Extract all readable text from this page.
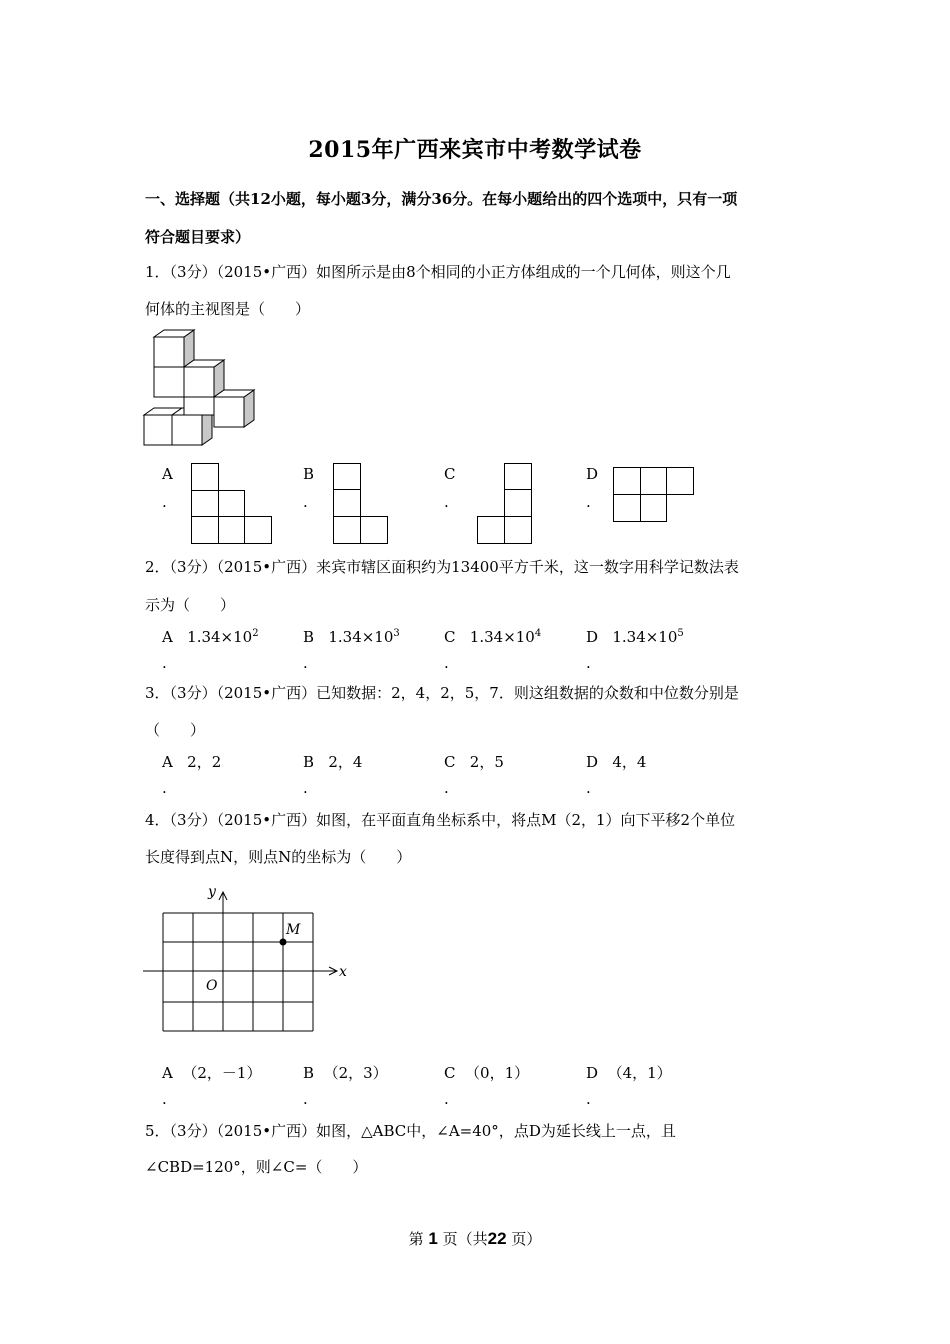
2015年广西来宾市中考数学试卷
一、选择题（共12小题，每小题3分，满分36分。在每小题给出的四个选项中，只有一项
符合题目要求）
1．（3分）（2015•广西）如图所示是由8个相同的小正方体组成的一个几何体，则这个几
何体的主视图是（　　）
A
.
B
.
C
.
D
.
2．（3分）（2015•广西）来宾市辖区面积约为13400平方千米，这一数字用科学记数法表
示为（　　）
A $1.34\times 10^2$
.
B $1.34\times 10^3$
.
C $1.34\times 10^4$
.
D $1.34\times 10^5$
.
3．（3分）（2015•广西）已知数据：2，4，2，5，7．则这组数据的众数和中位数分别是
（　　）
A 2，2
.
B 2，4
.
C 2，5
.
D 4，4
.
4．（3分）（2015•广西）如图，在平面直角坐标系中，将点M（2，1）向下平移2个单位
长度得到点N，则点N的坐标为（　　）
y
x
O
M
A （2，－1）
.
B （2，3）
.
C （0，1）
.
D （4，1）
.
5．（3分）（2015•广西）如图，△ABC中，∠A=40°，点D为延长线上一点，且
∠CBD=120°，则∠C=（　　）
第 1 页（共22 页）
